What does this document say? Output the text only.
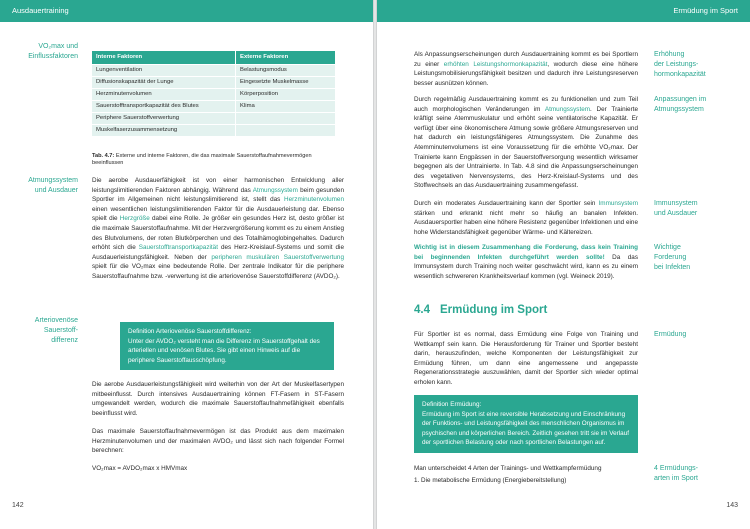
Ausdauertraining
VO₂max und
Einflussfaktoren	Interne Faktoren	Externe Faktoren
Lungenventilation	Belastungsmodus
Diffusionskapazität der Lunge	Eingesetzte Muskelmasse
Herzminutenvolumen	Körperposition
Sauerstofftransportkapazität des Blutes	Klima
Periphere Sauerstoffverwertung	
Muskelfaserzusammensetzung	
Tab. 4.7: Externe und interne Faktoren, die das maximale Sauerstoffaufnahmevermögen beeinflussen
Atmungssystem
und Ausdauer
Die aerobe Ausdauerfähigkeit ist von einer harmonischen Entwicklung aller leistungslimitierenden Faktoren abhängig. Während das Atmungssystem beim gesunden Sportler im Allgemeinen nicht leistungslimitierend ist, stellt das Herzminutenvolumen einen wesentlichen leistungslimitierenden Faktor für die Ausdauerleistung dar. Ebenso spielt die Herzgröße dabei eine Rolle. Je größer ein gesundes Herz ist, desto größer ist die maximale Sauerstoffaufnahme. Mit der Herzvergrößerung kommt es zu einem Anstieg des Blutvolumens, der roten Blutkörperchen und des Totalhämoglobingehaltes. Dadurch erhöht sich die Sauerstofftransportkapazität des Herz-Kreislauf-Systems und somit die Ausdauerleistungsfähigkeit. Neben der peripheren muskulären Sauerstoffverwertung spielt für die VO₂max eine bedeutende Rolle. Der zentrale Indikator für die periphere Sauerstoffaufnahme bzw. -verwertung ist die arteriovenöse Sauerstoffdifferenz (AVDO₂).
Arteriovenöse
Sauerstoff-
differenz
Definition Arteriovenöse Sauerstoffdifferenz:
Unter der AVDO₂ versteht man die Differenz im Sauerstoffgehalt des arteriellen und venösen Blutes. Sie gibt einen Hinweis auf die periphere Sauerstoffausschöpfung.
Die aerobe Ausdauerleistungsfähigkeit wird weiterhin von der Art der Muskelfasertypen mitbeeinflusst. Durch intensives Ausdauertraining können FT-Fasern in ST-Fasern umgewandelt werden, wodurch die maximale Sauerstoffaufnahmefähigkeit ebenfalls beeinflusst wird.
Das maximale Sauerstoffaufnahmevermögen ist das Produkt aus dem maximalen Herzminutenvolumen und der maximalen AVDO₂ und lässt sich nach folgender Formel berechnen:
VO₂max = AVDO₂max x HMVmax
142
Ermüdung im Sport
Erhöhung
der Leistungs-
hormonkapazität
Als Anpassungserscheinungen durch Ausdauertraining kommt es bei Sportlern zu einer erhöhten Leistungshormonkapazität, wodurch diese eine höhere Leistungsmobilisierungsfähigkeit besitzen und dadurch ihre Leistungsreserven besser ausnützen können.
Anpassungen im
Atmungssystem
Durch regelmäßig Ausdauertraining kommt es zu funktionellen und zum Teil auch morphologischen Veränderungen im Atmungssystem. Der Trainierte kräftigt seine Atemmuskulatur und erhöht seine ventilatorische Kapazität. Er verfügt über eine ökonomischere Atmung sowie größere Atmungsreserven und hat dadurch ein leistungsfähigeres Atmungssystem. Die Zunahme des Atemminutenvolumens ist eine Voraussetzung für die erhöhte VO₂max. Der Trainierte kann Engpässen in der Sauerstoffversorgung wesentlich wirksamer begegnen als der Untrainierte. In Tab. 4.8 sind die Anpassungserscheinungen des vegetativen Nervensystems, des Herz-Kreislauf-Systems und des Stoffwechsels an das Ausdauertraining zusammengefasst.
Immunsystem
und Ausdauer
Durch ein moderates Ausdauertraining kann der Sportler sein Immunsystem stärken und erkrankt nicht mehr so häufig an banalen Infekten. Ausdauersportler haben eine höhere Resistenz gegenüber Infektionen und eine hohe Widerstandsfähigkeit gegenüber Wärme- und Kältereizen.
Wichtige
Forderung
bei Infekten
Wichtig ist in diesem Zusammenhang die Forderung, dass kein Training bei beginnenden Infekten durchgeführt werden sollte! Da das Immunsystem durch Training noch weiter geschwächt wird, kann es zu einem wesentlich schwereren Krankheitsverlauf kommen (vgl. Weineck 2019).
4.4 Ermüdung im Sport
Ermüdung
Für Sportler ist es normal, dass Ermüdung eine Folge von Training und Wettkampf sein kann. Die Herausforderung für Trainer und Sportler besteht darin, herauszufinden, welche Komponenten der Leistungsfähigkeit zur Ermüdung führen, um dann eine angemessene und angepasste Regenerationsstrategie auszuwählen, damit der Sportler sich wieder optimal erholen kann.
Definition Ermüdung:
Ermüdung im Sport ist eine reversible Herabsetzung und Einschränkung der Funktions- und Leistungsfähigkeit des menschlichen Organismus im psychischen und körperlichen Bereich. Zeitlich gesehen tritt sie im Verlauf der sportlichen Belastung oder nach sportlichen Belastungen auf.
4 Ermüdungs-
arten im Sport
Man unterscheidet 4 Arten der Trainings- und Wettkampfermüdung
1. Die metabolische Ermüdung (Energiebereitstellung)
143
